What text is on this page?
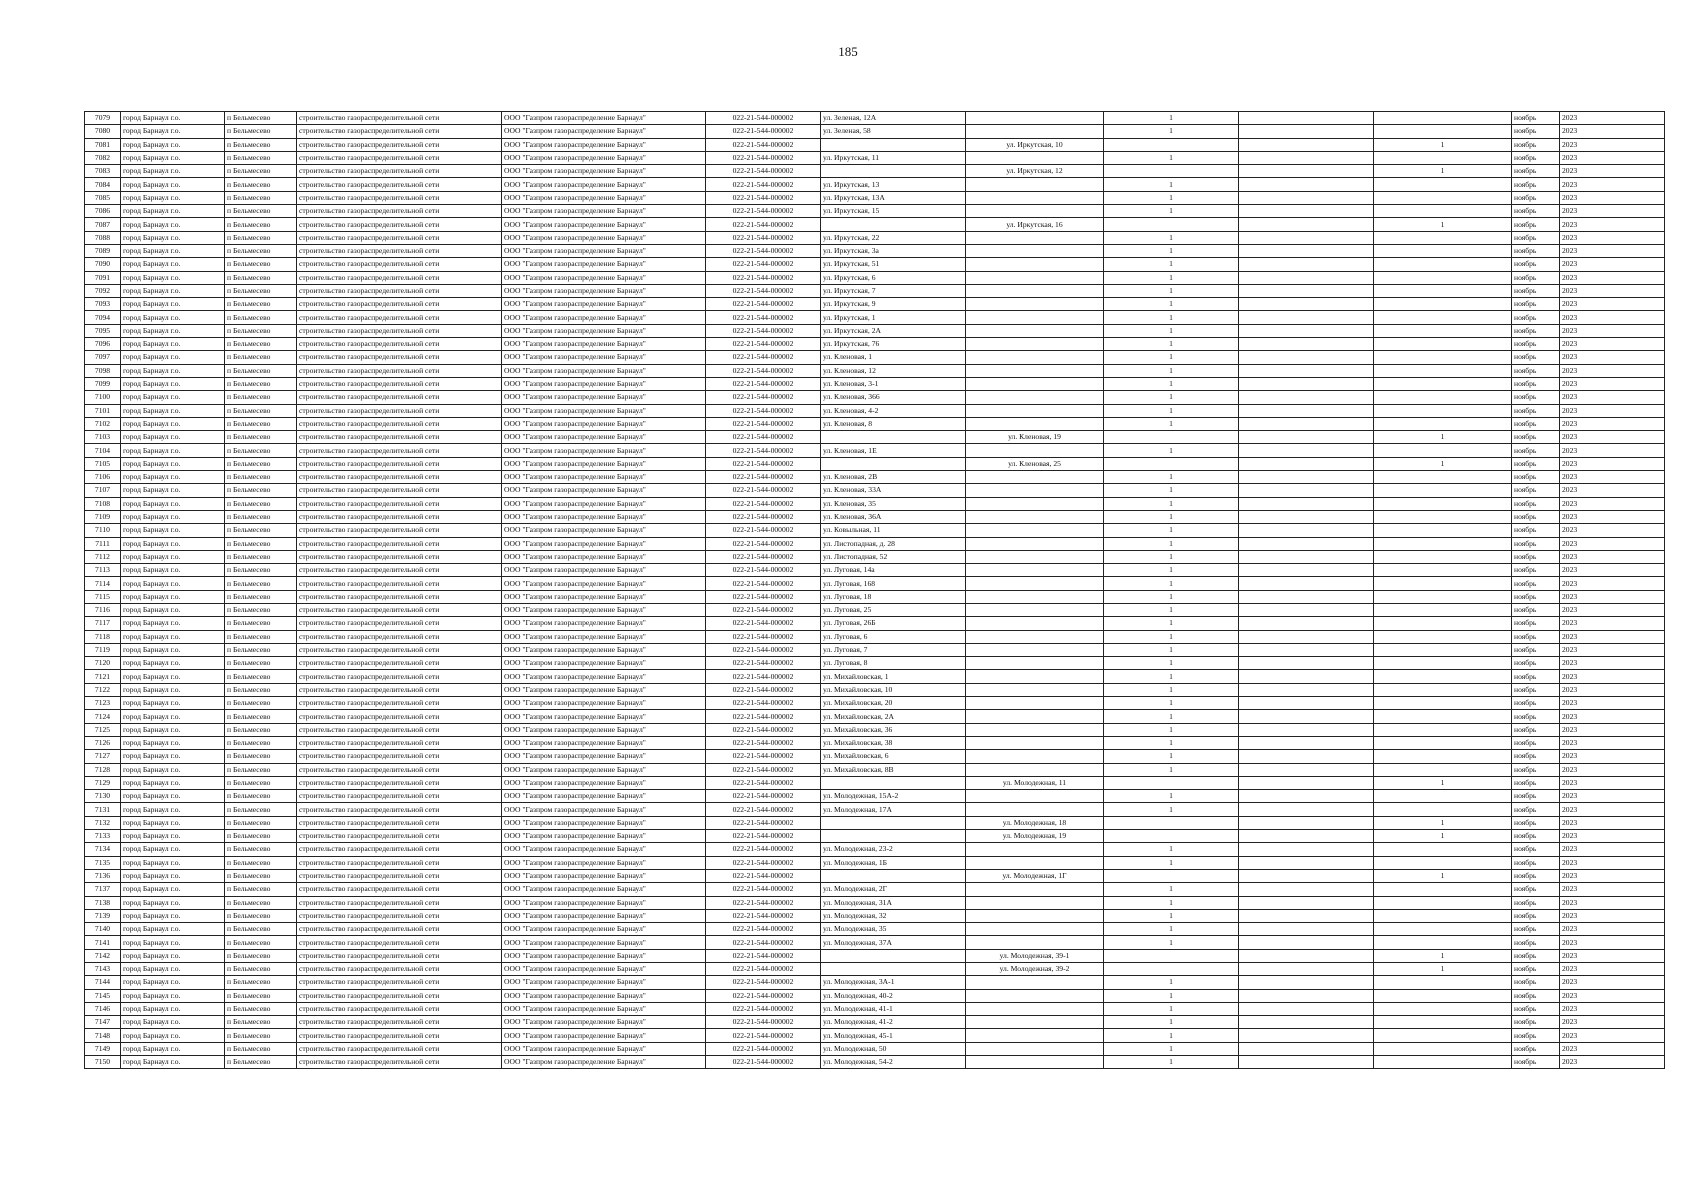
185
7079	город Барнаул г.о.	п Бельмесево	строительство газораспределительной сети	ООО "Газпром газораспределение Барнаул"	022-21-544-000002	ул. Зеленая, 12А		1			ноябрь	2023
7080	город Барнаул г.о.	п Бельмесево	строительство газораспределительной сети	ООО "Газпром газораспределение Барнаул"	022-21-544-000002	ул. Зеленая, 58		1			ноябрь	2023
7081	город Барнаул г.о.	п Бельмесево	строительство газораспределительной сети	ООО "Газпром газораспределение Барнаул"	022-21-544-000002		ул. Иркутская, 10			1	ноябрь	2023
7082	город Барнаул г.о.	п Бельмесево	строительство газораспределительной сети	ООО "Газпром газораспределение Барнаул"	022-21-544-000002	ул. Иркутская, 11		1			ноябрь	2023
7083	город Барнаул г.о.	п Бельмесево	строительство газораспределительной сети	ООО "Газпром газораспределение Барнаул"	022-21-544-000002		ул. Иркутская, 12			1	ноябрь	2023
7084	город Барнаул г.о.	п Бельмесево	строительство газораспределительной сети	ООО "Газпром газораспределение Барнаул"	022-21-544-000002	ул. Иркутская, 13		1			ноябрь	2023
7085	город Барнаул г.о.	п Бельмесево	строительство газораспределительной сети	ООО "Газпром газораспределение Барнаул"	022-21-544-000002	ул. Иркутская, 13А		1			ноябрь	2023
7086	город Барнаул г.о.	п Бельмесево	строительство газораспределительной сети	ООО "Газпром газораспределение Барнаул"	022-21-544-000002	ул. Иркутская, 15		1			ноябрь	2023
7087	город Барнаул г.о.	п Бельмесево	строительство газораспределительной сети	ООО "Газпром газораспределение Барнаул"	022-21-544-000002		ул. Иркутская, 16			1	ноябрь	2023
7088	город Барнаул г.о.	п Бельмесево	строительство газораспределительной сети	ООО "Газпром газораспределение Барнаул"	022-21-544-000002	ул. Иркутская, 22		1			ноябрь	2023
7089	город Барнаул г.о.	п Бельмесево	строительство газораспределительной сети	ООО "Газпром газораспределение Барнаул"	022-21-544-000002	ул. Иркутская, 3а		1			ноябрь	2023
7090	город Барнаул г.о.	п Бельмесево	строительство газораспределительной сети	ООО "Газпром газораспределение Барнаул"	022-21-544-000002	ул. Иркутская, 51		1			ноябрь	2023
7091	город Барнаул г.о.	п Бельмесево	строительство газораспределительной сети	ООО "Газпром газораспределение Барнаул"	022-21-544-000002	ул. Иркутская, 6		1			ноябрь	2023
7092	город Барнаул г.о.	п Бельмесево	строительство газораспределительной сети	ООО "Газпром газораспределение Барнаул"	022-21-544-000002	ул. Иркутская, 7		1			ноябрь	2023
7093	город Барнаул г.о.	п Бельмесево	строительство газораспределительной сети	ООО "Газпром газораспределение Барнаул"	022-21-544-000002	ул. Иркутская, 9		1			ноябрь	2023
7094	город Барнаул г.о.	п Бельмесево	строительство газораспределительной сети	ООО "Газпром газораспределение Барнаул"	022-21-544-000002	ул. Иркутская, 1		1			ноябрь	2023
7095	город Барнаул г.о.	п Бельмесево	строительство газораспределительной сети	ООО "Газпром газораспределение Барнаул"	022-21-544-000002	ул. Иркутская, 2А		1			ноябрь	2023
7096	город Барнаул г.о.	п Бельмесево	строительство газораспределительной сети	ООО "Газпром газораспределение Барнаул"	022-21-544-000002	ул. Иркутская, 76		1			ноябрь	2023
7097	город Барнаул г.о.	п Бельмесево	строительство газораспределительной сети	ООО "Газпром газораспределение Барнаул"	022-21-544-000002	ул. Кленовая, 1		1			ноябрь	2023
7098	город Барнаул г.о.	п Бельмесево	строительство газораспределительной сети	ООО "Газпром газораспределение Барнаул"	022-21-544-000002	ул. Кленовая, 12		1			ноябрь	2023
7099	город Барнаул г.о.	п Бельмесево	строительство газораспределительной сети	ООО "Газпром газораспределение Барнаул"	022-21-544-000002	ул. Кленовая, 3-1		1			ноябрь	2023
7100	город Барнаул г.о.	п Бельмесево	строительство газораспределительной сети	ООО "Газпром газораспределение Барнаул"	022-21-544-000002	ул. Кленовая, 366		1			ноябрь	2023
7101	город Барнаул г.о.	п Бельмесево	строительство газораспределительной сети	ООО "Газпром газораспределение Барнаул"	022-21-544-000002	ул. Кленовая, 4-2		1			ноябрь	2023
7102	город Барнаул г.о.	п Бельмесево	строительство газораспределительной сети	ООО "Газпром газораспределение Барнаул"	022-21-544-000002	ул. Кленовая, 8		1			ноябрь	2023
7103	город Барнаул г.о.	п Бельмесево	строительство газораспределительной сети	ООО "Газпром газораспределение Барнаул"	022-21-544-000002		ул. Кленовая, 19			1	ноябрь	2023
7104	город Барнаул г.о.	п Бельмесево	строительство газораспределительной сети	ООО "Газпром газораспределение Барнаул"	022-21-544-000002	ул. Кленовая, 1Е		1			ноябрь	2023
7105	город Барнаул г.о.	п Бельмесево	строительство газораспределительной сети	ООО "Газпром газораспределение Барнаул"	022-21-544-000002		ул. Кленовая, 25			1	ноябрь	2023
7106	город Барнаул г.о.	п Бельмесево	строительство газораспределительной сети	ООО "Газпром газораспределение Барнаул"	022-21-544-000002	ул. Кленовая, 2В		1			ноябрь	2023
7107	город Барнаул г.о.	п Бельмесево	строительство газораспределительной сети	ООО "Газпром газораспределение Барнаул"	022-21-544-000002	ул. Кленовая, 33А		1			ноябрь	2023
7108	город Барнаул г.о.	п Бельмесево	строительство газораспределительной сети	ООО "Газпром газораспределение Барнаул"	022-21-544-000002	ул. Кленовая, 35		1			ноябрь	2023
7109	город Барнаул г.о.	п Бельмесево	строительство газораспределительной сети	ООО "Газпром газораспределение Барнаул"	022-21-544-000002	ул. Кленовая, 36А		1			ноябрь	2023
7110	город Барнаул г.о.	п Бельмесево	строительство газораспределительной сети	ООО "Газпром газораспределение Барнаул"	022-21-544-000002	ул. Ковыльная, 11		1			ноябрь	2023
7111	город Барнаул г.о.	п Бельмесево	строительство газораспределительной сети	ООО "Газпром газораспределение Барнаул"	022-21-544-000002	ул. Листопадная, д. 28		1			ноябрь	2023
7112	город Барнаул г.о.	п Бельмесево	строительство газораспределительной сети	ООО "Газпром газораспределение Барнаул"	022-21-544-000002	ул. Листопадная, 52		1			ноябрь	2023
7113	город Барнаул г.о.	п Бельмесево	строительство газораспределительной сети	ООО "Газпром газораспределение Барнаул"	022-21-544-000002	ул. Луговая, 14а		1			ноябрь	2023
7114	город Барнаул г.о.	п Бельмесево	строительство газораспределительной сети	ООО "Газпром газораспределение Барнаул"	022-21-544-000002	ул. Луговая, 168		1			ноябрь	2023
7115	город Барнаул г.о.	п Бельмесево	строительство газораспределительной сети	ООО "Газпром газораспределение Барнаул"	022-21-544-000002	ул. Луговая, 18		1			ноябрь	2023
7116	город Барнаул г.о.	п Бельмесево	строительство газораспределительной сети	ООО "Газпром газораспределение Барнаул"	022-21-544-000002	ул. Луговая, 25		1			ноябрь	2023
7117	город Барнаул г.о.	п Бельмесево	строительство газораспределительной сети	ООО "Газпром газораспределение Барнаул"	022-21-544-000002	ул. Луговая, 26Б		1			ноябрь	2023
7118	город Барнаул г.о.	п Бельмесево	строительство газораспределительной сети	ООО "Газпром газораспределение Барнаул"	022-21-544-000002	ул. Луговая, 6		1			ноябрь	2023
7119	город Барнаул г.о.	п Бельмесево	строительство газораспределительной сети	ООО "Газпром газораспределение Барнаул"	022-21-544-000002	ул. Луговая, 7		1			ноябрь	2023
7120	город Барнаул г.о.	п Бельмесево	строительство газораспределительной сети	ООО "Газпром газораспределение Барнаул"	022-21-544-000002	ул. Луговая, 8		1			ноябрь	2023
7121	город Барнаул г.о.	п Бельмесево	строительство газораспределительной сети	ООО "Газпром газораспределение Барнаул"	022-21-544-000002	ул. Михайловская, 1		1			ноябрь	2023
7122	город Барнаул г.о.	п Бельмесево	строительство газораспределительной сети	ООО "Газпром газораспределение Барнаул"	022-21-544-000002	ул. Михайловская, 10		1			ноябрь	2023
7123	город Барнаул г.о.	п Бельмесево	строительство газораспределительной сети	ООО "Газпром газораспределение Барнаул"	022-21-544-000002	ул. Михайловская, 20		1			ноябрь	2023
7124	город Барнаул г.о.	п Бельмесево	строительство газораспределительной сети	ООО "Газпром газораспределение Барнаул"	022-21-544-000002	ул. Михайловская, 2А		1			ноябрь	2023
7125	город Барнаул г.о.	п Бельмесево	строительство газораспределительной сети	ООО "Газпром газораспределение Барнаул"	022-21-544-000002	ул. Михайловская, 36		1			ноябрь	2023
7126	город Барнаул г.о.	п Бельмесево	строительство газораспределительной сети	ООО "Газпром газораспределение Барнаул"	022-21-544-000002	ул. Михайловская, 38		1			ноябрь	2023
7127	город Барнаул г.о.	п Бельмесево	строительство газораспределительной сети	ООО "Газпром газораспределение Барнаул"	022-21-544-000002	ул. Михайловская, 6		1			ноябрь	2023
7128	город Барнаул г.о.	п Бельмесево	строительство газораспределительной сети	ООО "Газпром газораспределение Барнаул"	022-21-544-000002	ул. Михайловская, 8В		1			ноябрь	2023
7129	город Барнаул г.о.	п Бельмесево	строительство газораспределительной сети	ООО "Газпром газораспределение Барнаул"	022-21-544-000002		ул. Молодежная, 11			1	ноябрь	2023
7130	город Барнаул г.о.	п Бельмесево	строительство газораспределительной сети	ООО "Газпром газораспределение Барнаул"	022-21-544-000002	ул. Молодежная, 15А-2		1			ноябрь	2023
7131	город Барнаул г.о.	п Бельмесево	строительство газораспределительной сети	ООО "Газпром газораспределение Барнаул"	022-21-544-000002	ул. Молодежная, 17А		1			ноябрь	2023
7132	город Барнаул г.о.	п Бельмесево	строительство газораспределительной сети	ООО "Газпром газораспределение Барнаул"	022-21-544-000002		ул. Молодежная, 18			1	ноябрь	2023
7133	город Барнаул г.о.	п Бельмесево	строительство газораспределительной сети	ООО "Газпром газораспределение Барнаул"	022-21-544-000002		ул. Молодежная, 19			1	ноябрь	2023
7134	город Барнаул г.о.	п Бельмесево	строительство газораспределительной сети	ООО "Газпром газораспределение Барнаул"	022-21-544-000002	ул. Молодежная, 23-2		1			ноябрь	2023
7135	город Барнаул г.о.	п Бельмесево	строительство газораспределительной сети	ООО "Газпром газораспределение Барнаул"	022-21-544-000002	ул. Молодежная, 1Б		1			ноябрь	2023
7136	город Барнаул г.о.	п Бельмесево	строительство газораспределительной сети	ООО "Газпром газораспределение Барнаул"	022-21-544-000002		ул. Молодежная, 1Г			1	ноябрь	2023
7137	город Барнаул г.о.	п Бельмесево	строительство газораспределительной сети	ООО "Газпром газораспределение Барнаул"	022-21-544-000002	ул. Молодежная, 2Г		1			ноябрь	2023
7138	город Барнаул г.о.	п Бельмесево	строительство газораспределительной сети	ООО "Газпром газораспределение Барнаул"	022-21-544-000002	ул. Молодежная, 31А		1			ноябрь	2023
7139	город Барнаул г.о.	п Бельмесево	строительство газораспределительной сети	ООО "Газпром газораспределение Барнаул"	022-21-544-000002	ул. Молодежная, 32		1			ноябрь	2023
7140	город Барнаул г.о.	п Бельмесево	строительство газораспределительной сети	ООО "Газпром газораспределение Барнаул"	022-21-544-000002	ул. Молодежная, 35		1			ноябрь	2023
7141	город Барнаул г.о.	п Бельмесево	строительство газораспределительной сети	ООО "Газпром газораспределение Барнаул"	022-21-544-000002	ул. Молодежная, 37А		1			ноябрь	2023
7142	город Барнаул г.о.	п Бельмесево	строительство газораспределительной сети	ООО "Газпром газораспределение Барнаул"	022-21-544-000002		ул. Молодежная, 39-1			1	ноябрь	2023
7143	город Барнаул г.о.	п Бельмесево	строительство газораспределительной сети	ООО "Газпром газораспределение Барнаул"	022-21-544-000002		ул. Молодежная, 39-2			1	ноябрь	2023
7144	город Барнаул г.о.	п Бельмесево	строительство газораспределительной сети	ООО "Газпром газораспределение Барнаул"	022-21-544-000002	ул. Молодежная, 3А-1		1			ноябрь	2023
7145	город Барнаул г.о.	п Бельмесево	строительство газораспределительной сети	ООО "Газпром газораспределение Барнаул"	022-21-544-000002	ул. Молодежная, 40-2		1			ноябрь	2023
7146	город Барнаул г.о.	п Бельмесево	строительство газораспределительной сети	ООО "Газпром газораспределение Барнаул"	022-21-544-000002	ул. Молодежная, 41-1		1			ноябрь	2023
7147	город Барнаул г.о.	п Бельмесево	строительство газораспределительной сети	ООО "Газпром газораспределение Барнаул"	022-21-544-000002	ул. Молодежная, 41-2		1			ноябрь	2023
7148	город Барнаул г.о.	п Бельмесево	строительство газораспределительной сети	ООО "Газпром газораспределение Барнаул"	022-21-544-000002	ул. Молодежная, 45-1		1			ноябрь	2023
7149	город Барнаул г.о.	п Бельмесево	строительство газораспределительной сети	ООО "Газпром газораспределение Барнаул"	022-21-544-000002	ул. Молодежная, 50		1			ноябрь	2023
7150	город Барнаул г.о.	п Бельмесево	строительство газораспределительной сети	ООО "Газпром газораспределение Барнаул"	022-21-544-000002	ул. Молодежная, 54-2		1			ноябрь	2023
